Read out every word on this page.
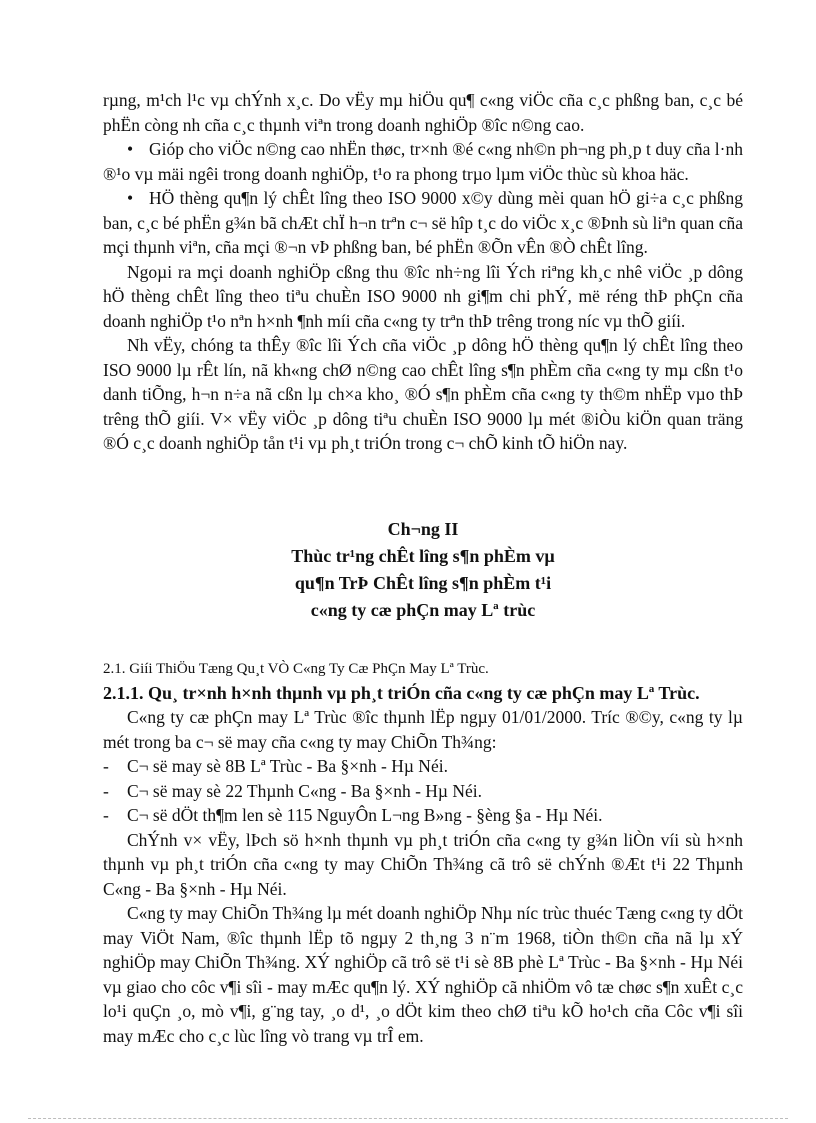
rµng, m¹ch l¹c vµ chÝnh x¸c. Do vËy mµ hiÖu qu¶ c«ng viÖc cña c¸c phßng ban, c¸c bé phËn còng nh cña c¸c thµnh viªn trong doanh nghiÖp ®îc n©ng cao.

• Gióp cho viÖc n©ng cao nhËn thøc, tr×nh ®é c«ng nh©n ph¬ng ph¸p t duy cña l·nh ®¹o vµ mäi ngêi trong doanh nghiÖp, t¹o ra phong trµo lµm viÖc thùc sù khoa häc.

• HÖ thèng qu¶n lý chÊt lîng theo ISO 9000 x©y dùng mèi quan hÖ gi÷a c¸c phßng ban, c¸c bé phËn g¾n bã chÆt chÏ h¬n trªn c¬ së hîp t¸c do viÖc x¸c ®Þnh sù liªn quan cña mçi thµnh viªn, cña mçi ®¬n vÞ phßng ban, bé phËn ®Õn vÊn ®Ò chÊt lîng.

Ngoµi ra mçi doanh nghiÖp cßng thu ®îc nh÷ng lîi Ých riªng kh¸c nhê viÖc ¸p dông hÖ thèng chÊt lîng theo tiªu chuÈn ISO 9000 nh gi¶m chi phÝ, më réng thÞ phÇn cña doanh nghiÖp t¹o nªn h×nh ¶nh míi cña c«ng ty trªn thÞ trêng trong níc vµ thÕ giíi.

Nh vËy, chóng ta thÊy ®îc lîi Ých cña viÖc ¸p dông hÖ thèng qu¶n lý chÊt lîng theo ISO 9000 lµ rÊt lín, nã kh«ng chØ n©ng cao chÊt lîng s¶n phÈm cña c«ng ty mµ cßn t¹o danh tiÕng, h¬n n÷a nã cßn lµ ch×a kho¸ ®Ó s¶n phÈm cña c«ng ty th©m nhËp vµo thÞ trêng thÕ giíi. V× vËy viÖc ¸p dông tiªu chuÈn ISO 9000 lµ mét ®iÒu kiÖn quan träng ®Ó c¸c doanh nghiÖp tån t¹i vµ ph¸t triÓn trong c¬ chÕ kinh tÕ hiÖn nay.

Ch¬ng II
Thùc tr¹ng chÊt lîng s¶n phÈm vµ
qu¶n TrÞ ChÊt lîng s¶n phÈm t¹i
c«ng ty cæ phÇn may Lª trùc
2.1. Giíi ThiÖu Tæng Qu¸t VÒ C«ng Ty Cæ PhÇn May Lª Trùc.
2.1.1. Qu¸ tr×nh h×nh thµnh vµ ph¸t triÓn cña c«ng ty cæ phÇn may Lª Trùc.

C«ng ty cæ phÇn may Lª Trùc ®îc thµnh lËp ngµy 01/01/2000. Tríc ®©y, c«ng ty lµ mét trong ba c¬ së may cña c«ng ty may ChiÕn Th¾ng:

- C¬ së may sè 8B Lª Trùc - Ba §×nh - Hµ Néi.

- C¬ së may sè 22 Thµnh C«ng - Ba §×nh - Hµ Néi.

- C¬ së dÖt th¶m len sè 115 NguyÔn L¬ng B»ng - §èng §a - Hµ Néi.

ChÝnh v× vËy, lÞch sö h×nh thµnh vµ ph¸t triÓn cña c«ng ty g¾n liÒn víi sù h×nh thµnh vµ ph¸t triÓn cña c«ng ty may ChiÕn Th¾ng cã trô së chÝnh ®Æt t¹i 22 Thµnh C«ng - Ba §×nh - Hµ Néi.

C«ng ty may ChiÕn Th¾ng lµ mét doanh nghiÖp Nhµ níc trùc thuéc Tæng c«ng ty dÖt may ViÖt Nam, ®îc thµnh lËp tõ ngµy 2 th¸ng 3 n¨m 1968, tiÒn th©n cña nã lµ xÝ nghiÖp may ChiÕn Th¾ng. XÝ nghiÖp cã trô së t¹i sè 8B phè Lª Trùc - Ba §×nh - Hµ Néi vµ giao cho côc v¶i sîi - may mÆc qu¶n lý. XÝ nghiÖp cã nhiÖm vô tæ chøc s¶n xuÊt c¸c lo¹i quÇn ¸o, mò v¶i, g¨ng tay, ¸o d¹, ¸o dÖt kim theo chØ tiªu kÕ ho¹ch cña Côc v¶i sîi may mÆc cho c¸c lùc lîng vò trang vµ trÎ em.
